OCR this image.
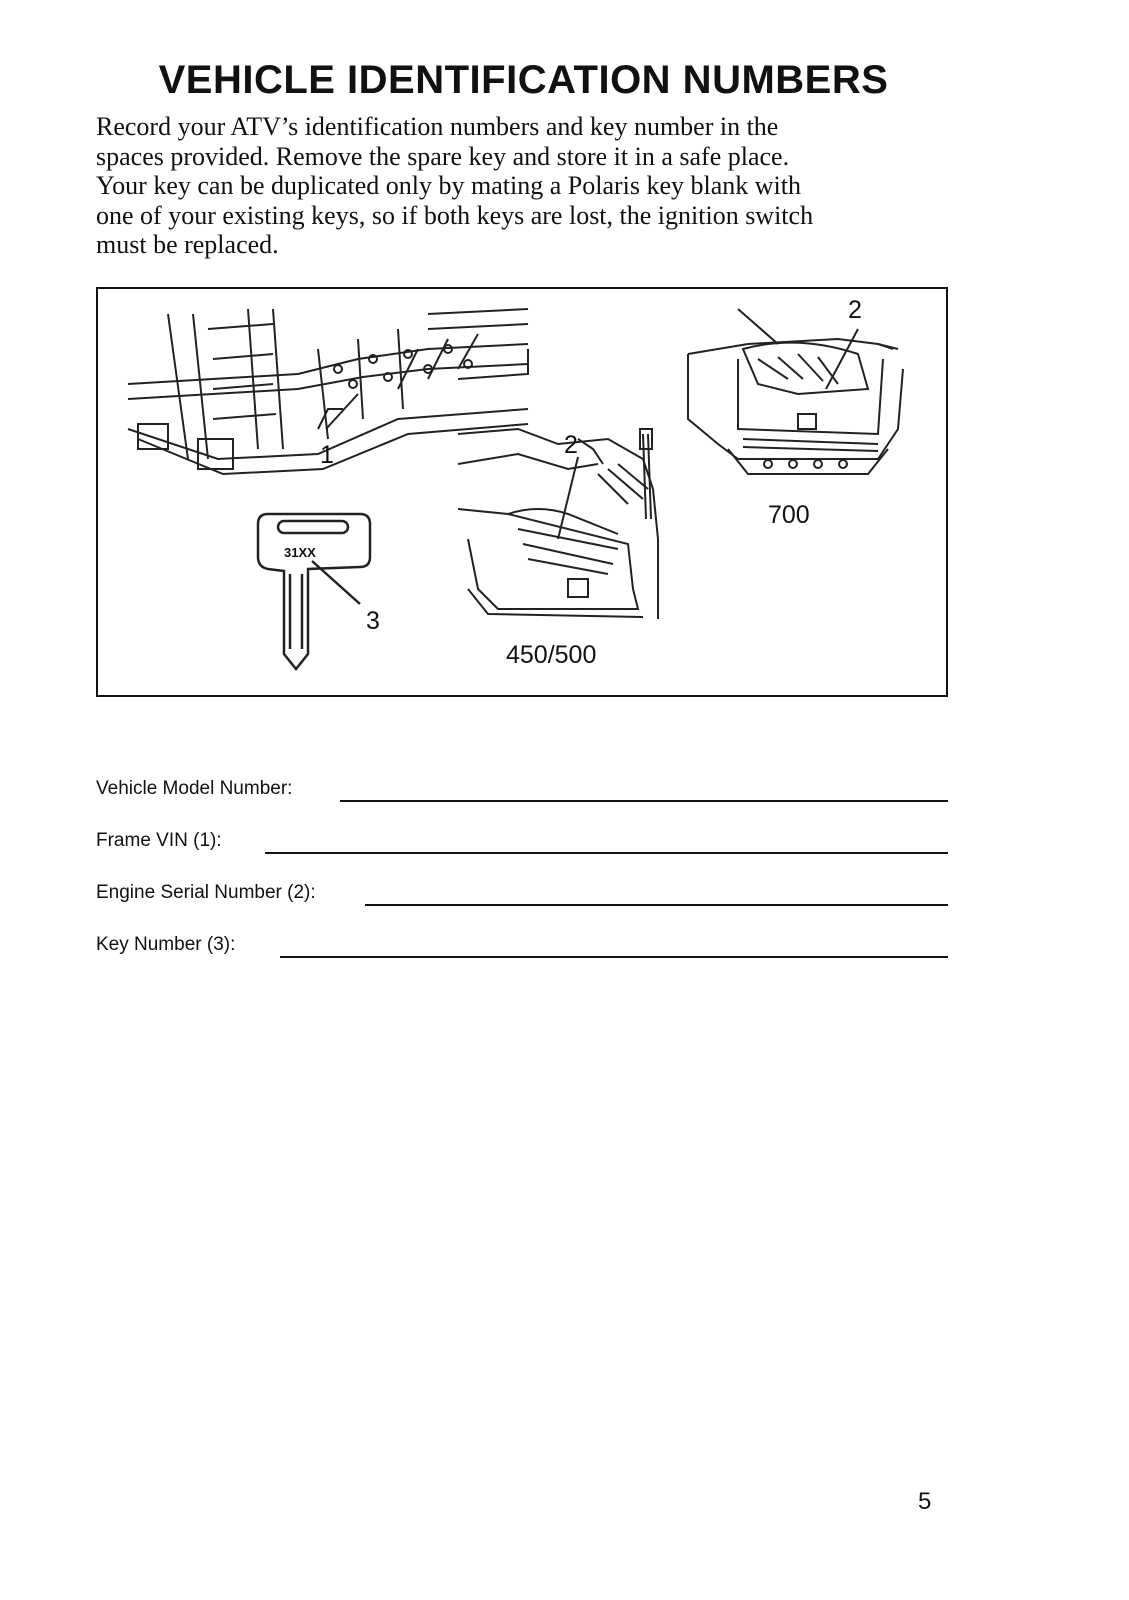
VEHICLE IDENTIFICATION NUMBERS
Record your ATV’s identification numbers and key number in the
spaces provided. Remove the spare key and store it in a safe place.
Your key can be duplicated only by mating a Polaris key blank with
one of your existing keys, so if both keys are lost, the ignition switch
must be replaced.
1	2
2
3
31XX
700
450/500
Vehicle Model Number:
Frame VIN (1):
Engine Serial Number (2):
Key Number (3):
5
